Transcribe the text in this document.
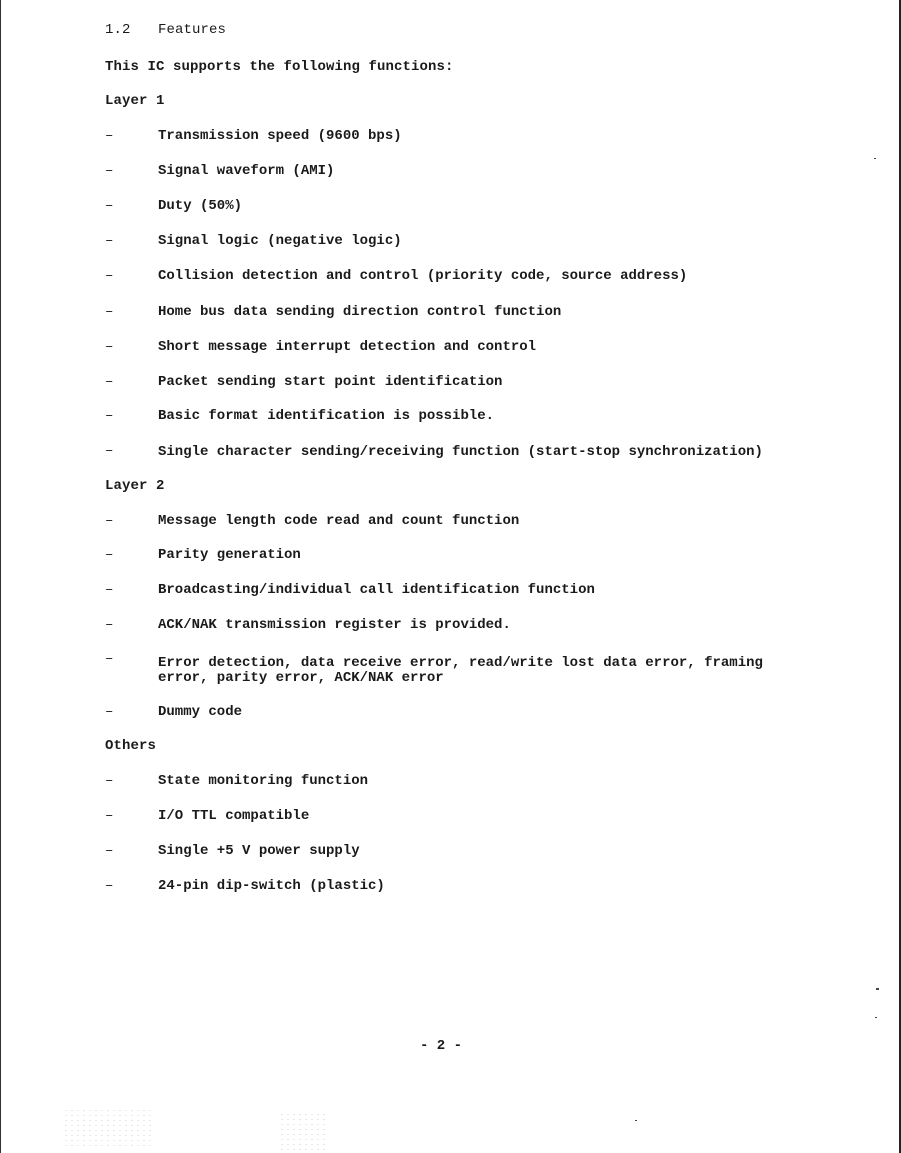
1.2 Features
This IC supports the following functions:
Layer 1
–	Transmission speed (9600 bps)
–	Signal waveform (AMI)
–	Duty (50%)
–	Signal logic (negative logic)
–	Collision detection and control (priority code, source address)
–	Home bus data sending direction control function
–	Short message interrupt detection and control
–	Packet sending start point identification
–	Basic format identification is possible.
–	Single character sending/receiving function (start-stop synchronization)
Layer 2
–	Message length code read and count function
–	Parity generation
–	Broadcasting/individual call identification function
–	ACK/NAK transmission register is provided.
–	Error detection, data receive error, read/write lost data error, framing error, parity error, ACK/NAK error
–	Dummy code
Others
–	State monitoring function
–	I/O TTL compatible
–	Single +5 V power supply
–	24-pin dip-switch (plastic)
- 2 -
